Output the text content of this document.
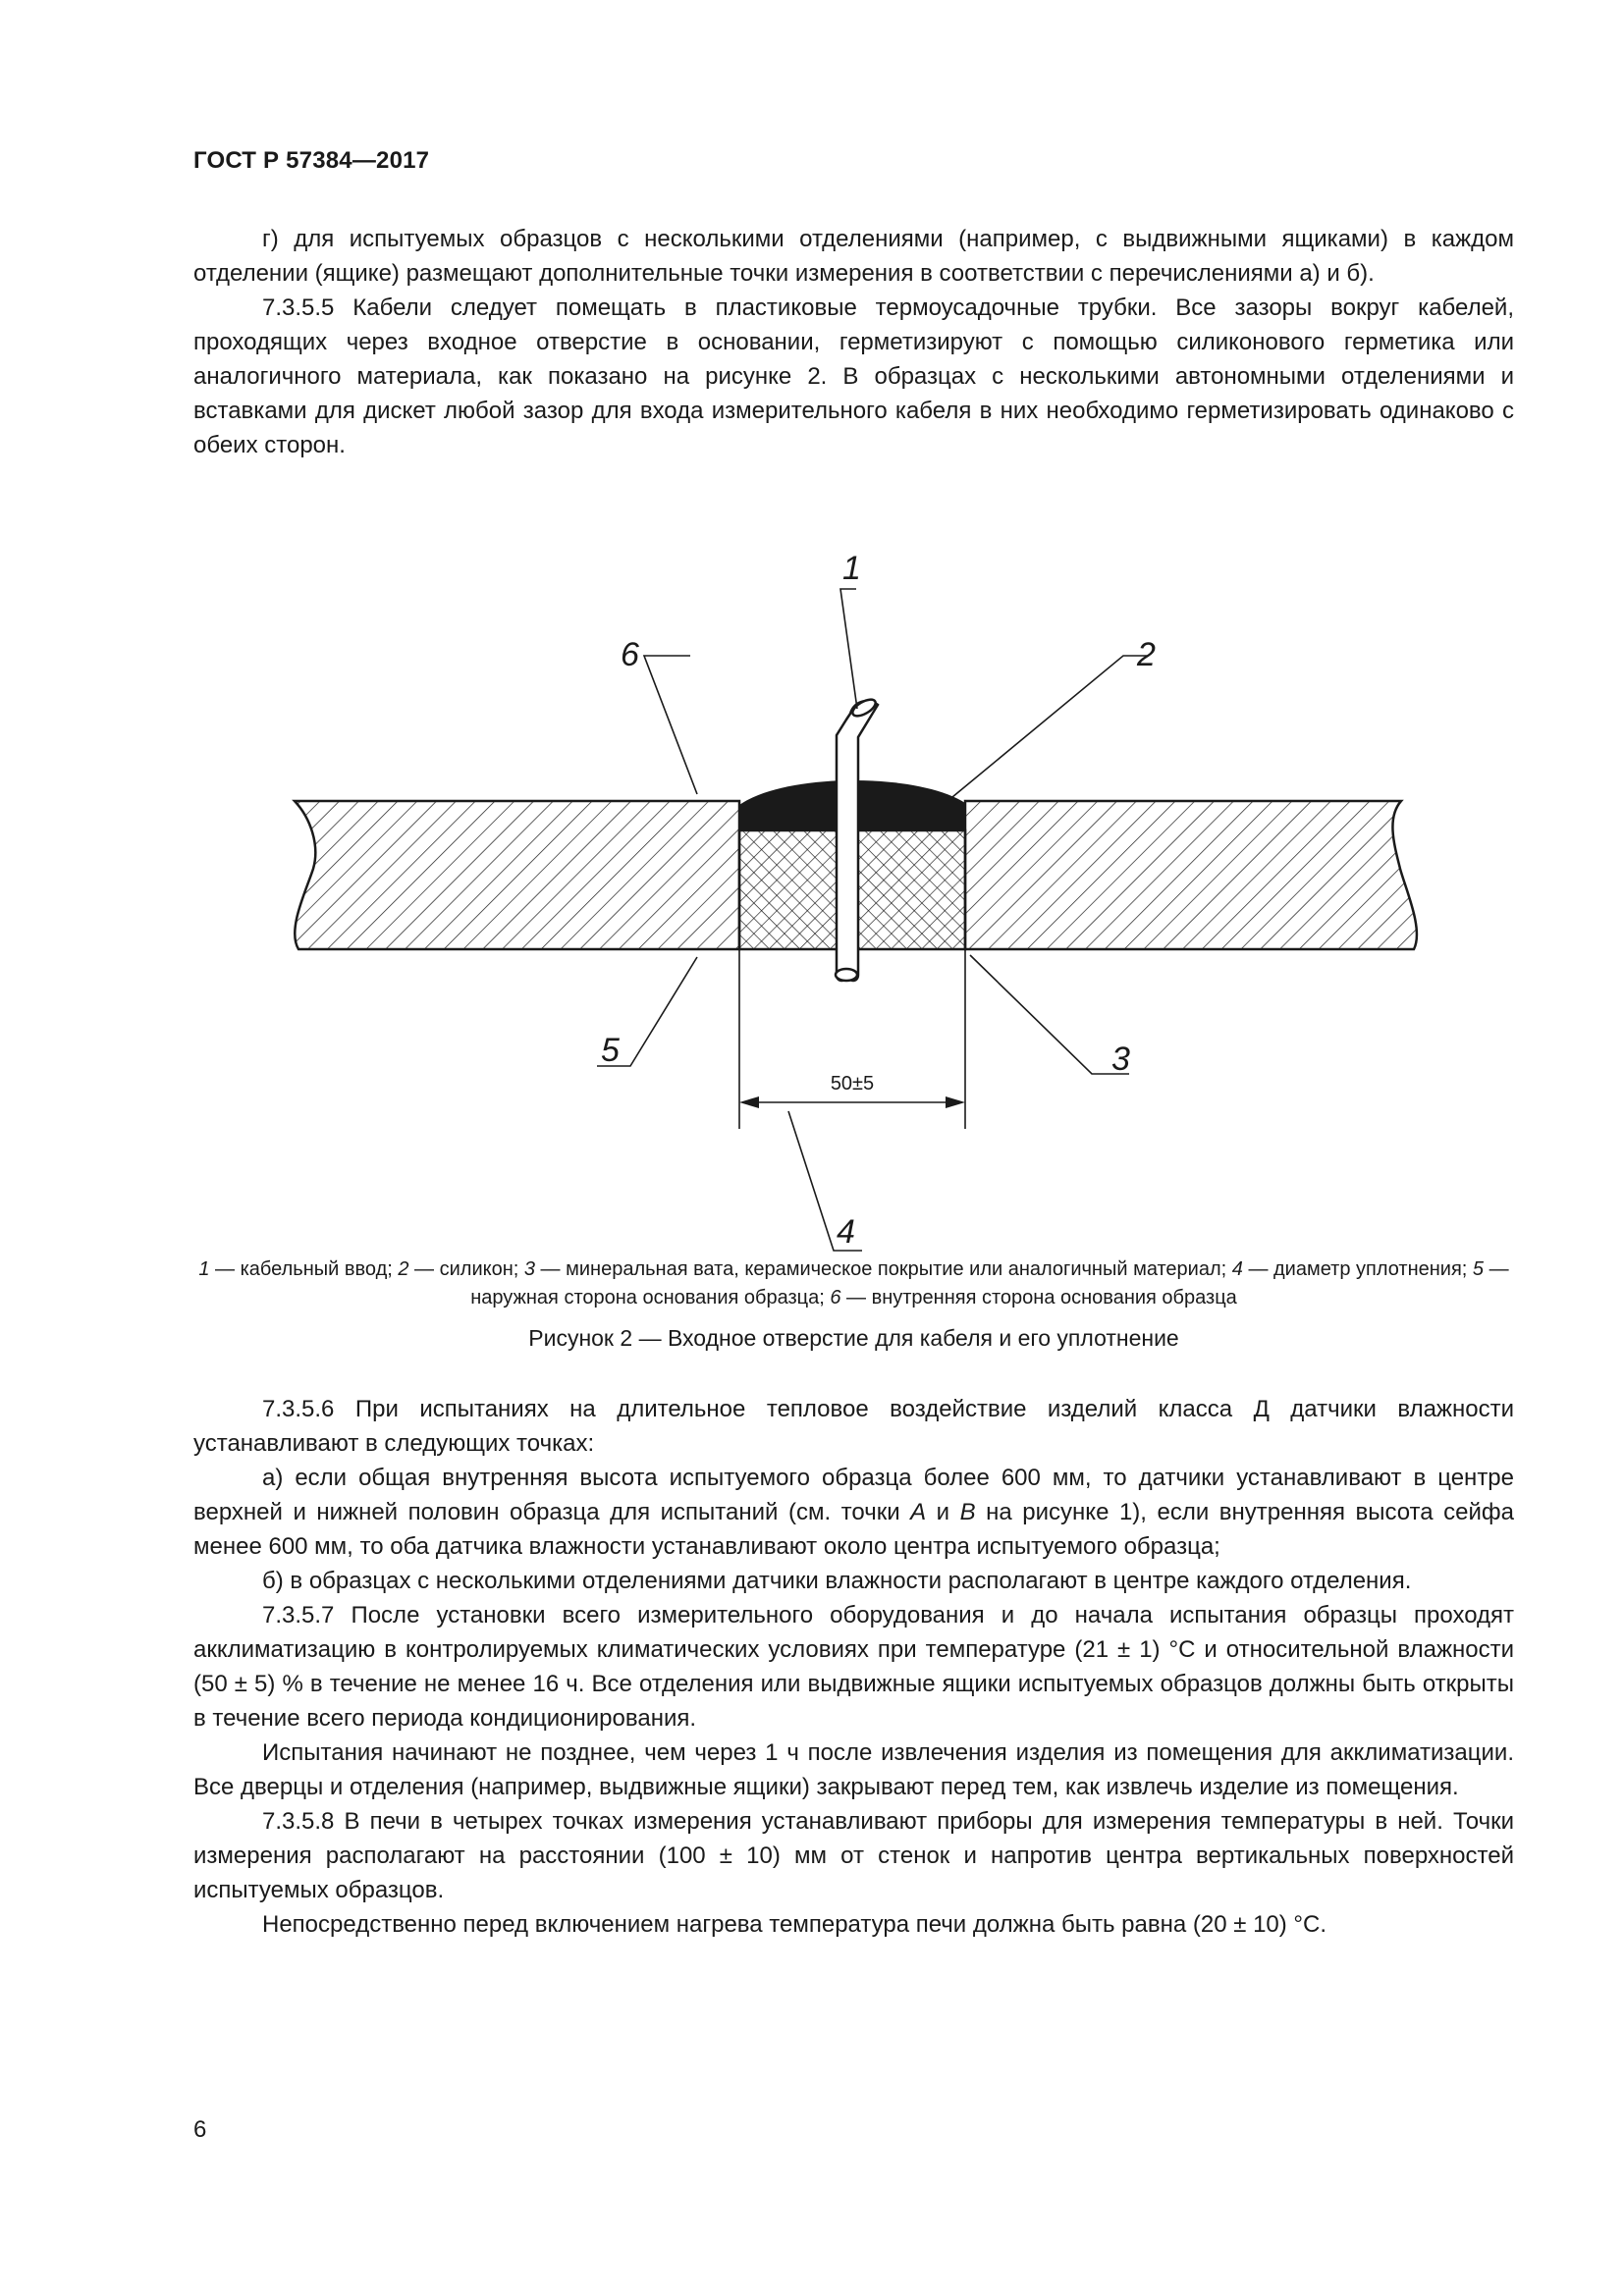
ГОСТ Р 57384—2017

г) для испытуемых образцов с несколькими отделениями (например, с выдвижными ящиками) в каждом отделении (ящике) размещают дополнительные точки измерения в соответствии с перечислениями а) и б).

7.3.5.5 Кабели следует помещать в пластиковые термоусадочные трубки. Все зазоры вокруг кабелей, проходящих через входное отверстие в основании, герметизируют с помощью силиконового герметика или аналогичного материала, как показано на рисунке 2. В образцах с несколькими автономными отделениями и вставками для дискет любой зазор для входа измерительного кабеля в них необходимо герметизировать одинаково с обеих сторон.

1
6	2
5	3
4
50±5
1 — кабельный ввод; 2 — силикон; 3 — минеральная вата, керамическое покрытие или аналогичный материал; 4 — диаметр уплотнения; 5 — наружная сторона основания образца; 6 — внутренняя сторона основания образца
Рисунок 2 — Входное отверстие для кабеля и его уплотнение

7.3.5.6 При испытаниях на длительное тепловое воздействие изделий класса Д датчики влажности устанавливают в следующих точках:

а) если общая внутренняя высота испытуемого образца более 600 мм, то датчики устанавливают в центре верхней и нижней половин образца для испытаний (см. точки А и В на рисунке 1), если внутренняя высота сейфа менее 600 мм, то оба датчика влажности устанавливают около центра испытуемого образца;

б) в образцах с несколькими отделениями датчики влажности располагают в центре каждого отделения.

7.3.5.7 После установки всего измерительного оборудования и до начала испытания образцы проходят акклиматизацию в контролируемых климатических условиях при температуре (21 ± 1) °С и относительной влажности (50 ± 5) % в течение не менее 16 ч. Все отделения или выдвижные ящики испытуемых образцов должны быть открыты в течение всего периода кондиционирования.

Испытания начинают не позднее, чем через 1 ч после извлечения изделия из помещения для акклиматизации. Все дверцы и отделения (например, выдвижные ящики) закрывают перед тем, как извлечь изделие из помещения.

7.3.5.8 В печи в четырех точках измерения устанавливают приборы для измерения температуры в ней. Точки измерения располагают на расстоянии (100 ± 10) мм от стенок и напротив центра вертикальных поверхностей испытуемых образцов.

Непосредственно перед включением нагрева температура печи должна быть равна (20 ± 10) °С.

6
